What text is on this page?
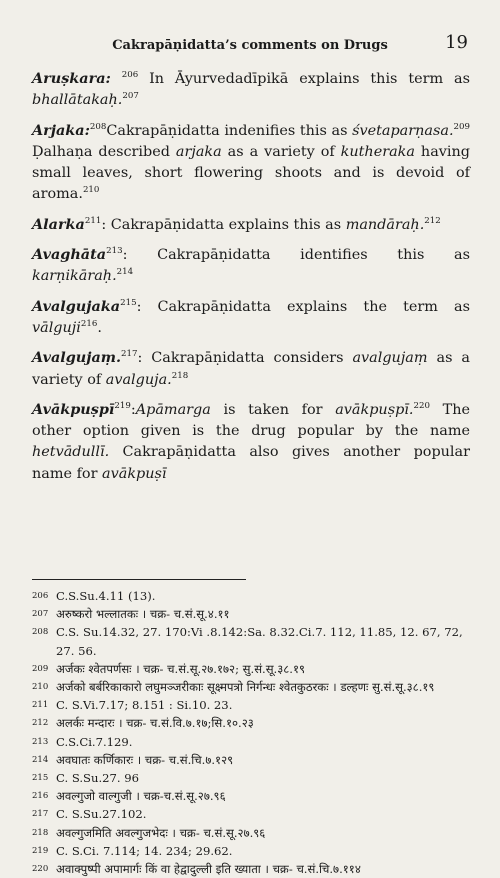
Cakrapāṇidatta’s comments on Drugs	19

Aruṣkara: $^{206}$ In Āyurvedadīpikā explains this term as bhallātakaḥ.$^{207}$

Arjaka:$^{208}$Cakrapāṇidatta indenifies this as śvetaparṇasa.$^{209}$ Ḍalhaṇa described arjaka as a variety of kutheraka having small leaves, short flowering shoots and is devoid of aroma.$^{210}$

Alarka$^{211}$: Cakrapāṇidatta explains this as mandāraḥ.$^{212}$

Avaghāta$^{213}$: Cakrapāṇidatta identifies this as karṇikāraḥ.$^{214}$

Avalgujaka$^{215}$: Cakrapāṇidatta explains the term as vālguji$^{216}$.

Avalgujaṃ.$^{217}$: Cakrapāṇidatta considers avalgujaṃ as a variety of avalguja.$^{218}$

Avākpuṣpī$^{219}$:Apāmarga is taken for avākpuṣpī.$^{220}$ The other option given is the drug popular by the name hetvādullī. Cakrapāṇidatta also gives another popular name for avākpuṣī

206 C.S.Su.4.11 (13).
207 अरुष्करो भल्लातकः । चक्र- च.सं.सू.४.११
208 C.S. Su.14.32, 27. 170:Vi .8.142:Sa. 8.32.Ci.7. 112, 11.85, 12. 67, 72, 27. 56.
209 अर्जकः श्वेतपर्णसः । चक्र- च.सं.सू.२७.१७२; सु.सं.सू.३८.१९
210 अर्जको बर्बरिकाकारो लघुमञ्जरीकाः सूक्ष्मपत्रो निर्गन्धः श्वेतकुठरकः । डल्हणः सु.सं.सू.३८.१९
211 C. S.Vi.7.17; 8.151 : Si.10. 23.
212 अलर्कः मन्दारः । चक्र- च.सं.वि.७.१७;सि.१०.२३
213 C.S.Ci.7.129.
214 अवघातः कर्णिकारः । चक्र- च.सं.चि.७.१२९
215 C. S.Su.27. 96
216 अवल्गुजो वाल्गुजी । चक्र-च.सं.सू.२७.९६
217 C. S.Su.27.102.
218 अवल्गुजमिति अवल्गुजभेदः । चक्र- च.सं.सू.२७.९६
219 C. S.Ci. 7.114; 14. 234; 29.62.
220 अवाक्पुष्पी अपामार्गः किं वा हेद्वादुल्ली इति ख्याता । चक्र- च.सं.चि.७.११४
